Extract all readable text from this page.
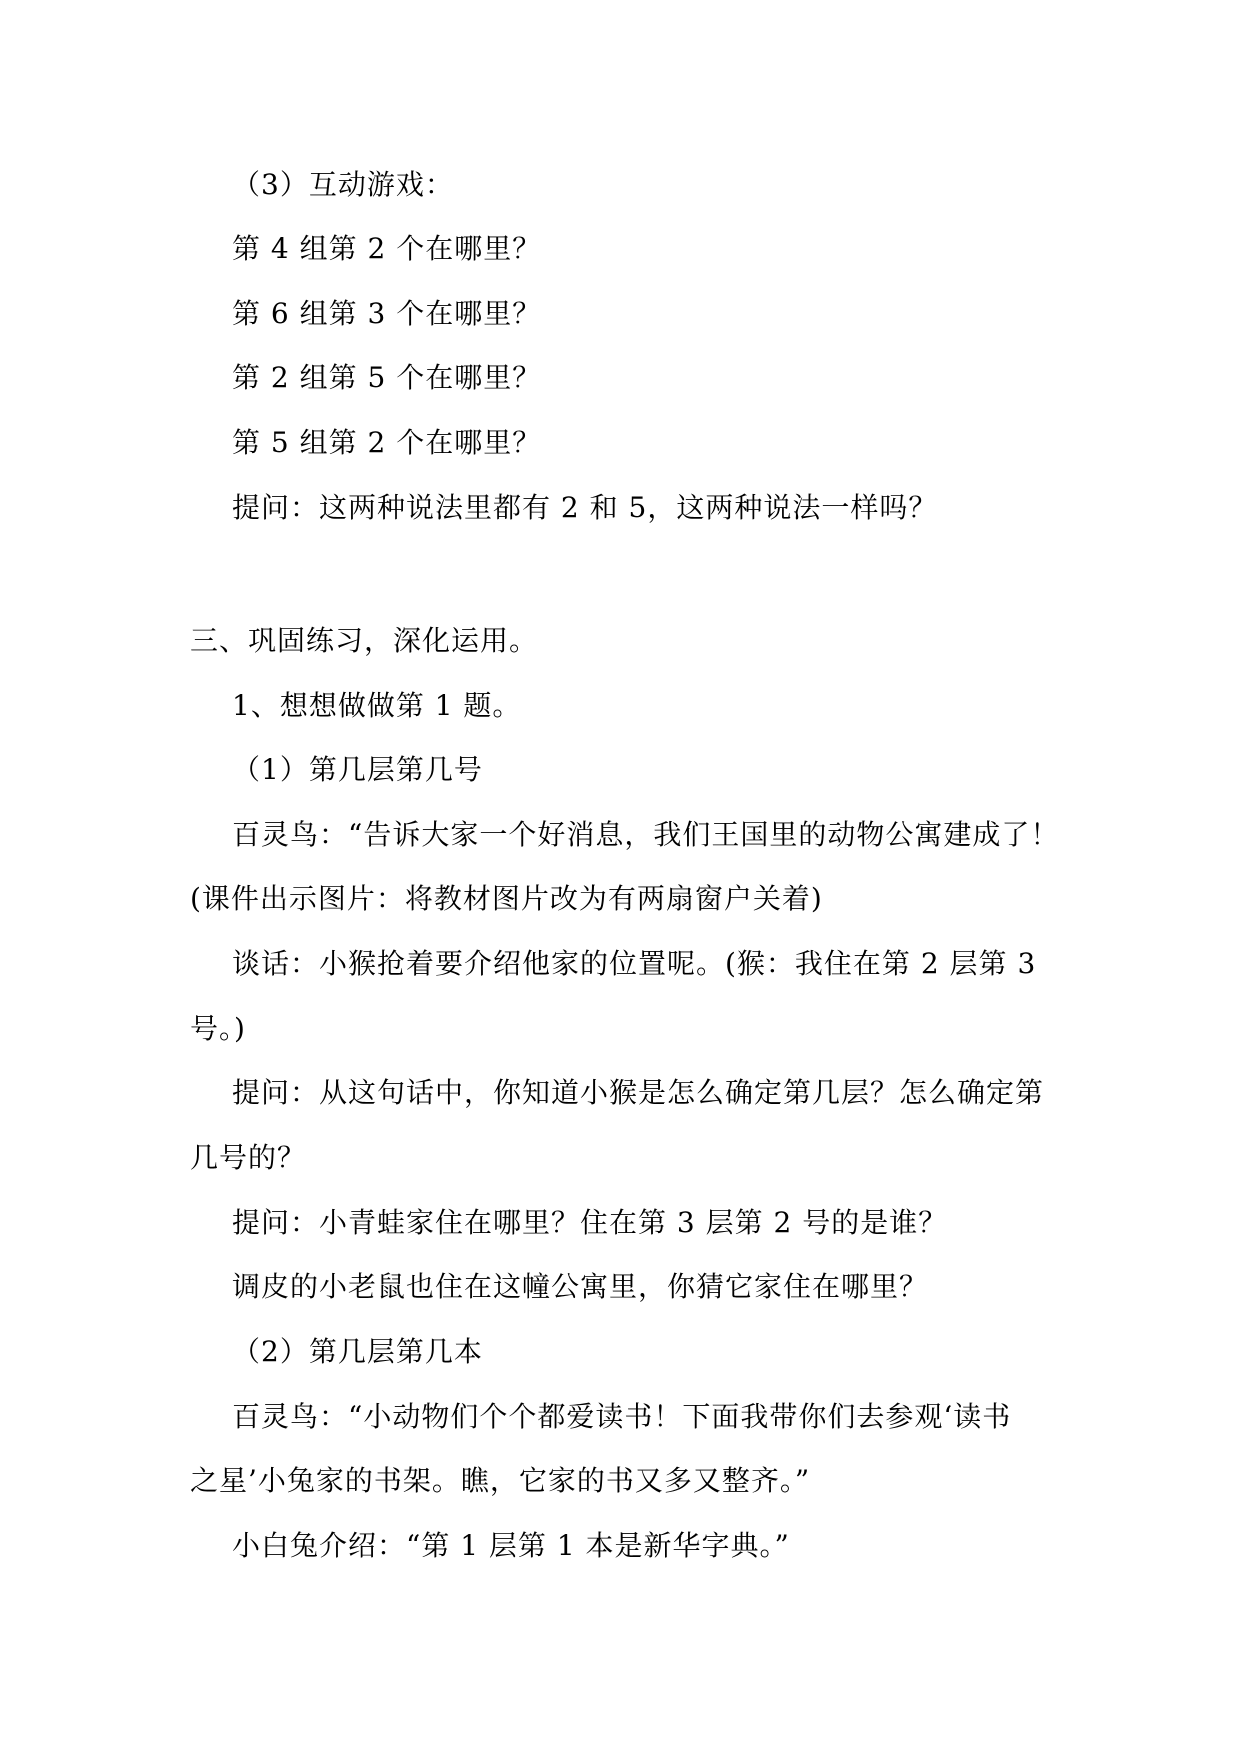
（3）互动游戏：
第 4 组第 2 个在哪里？
第 6 组第 3 个在哪里？
第 2 组第 5 个在哪里？
第 5 组第 2 个在哪里？
提问：这两种说法里都有 2 和 5，这两种说法一样吗？
三、巩固练习，深化运用。
1、想想做做第 1 题。
（1）第几层第几号
百灵鸟：“告诉大家一个好消息，我们王国里的动物公寓建成了！
(课件出示图片：将教材图片改为有两扇窗户关着)
谈话：小猴抢着要介绍他家的位置呢。(猴：我住在第 2 层第 3
号。)
提问：从这句话中，你知道小猴是怎么确定第几层？怎么确定第
几号的？
提问：小青蛙家住在哪里？住在第 3 层第 2 号的是谁？
调皮的小老鼠也住在这幢公寓里，你猜它家住在哪里？
（2）第几层第几本
百灵鸟：“小动物们个个都爱读书！下面我带你们去参观‘读书
之星’小兔家的书架。瞧，它家的书又多又整齐。”
小白兔介绍：“第 1 层第 1 本是新华字典。”
